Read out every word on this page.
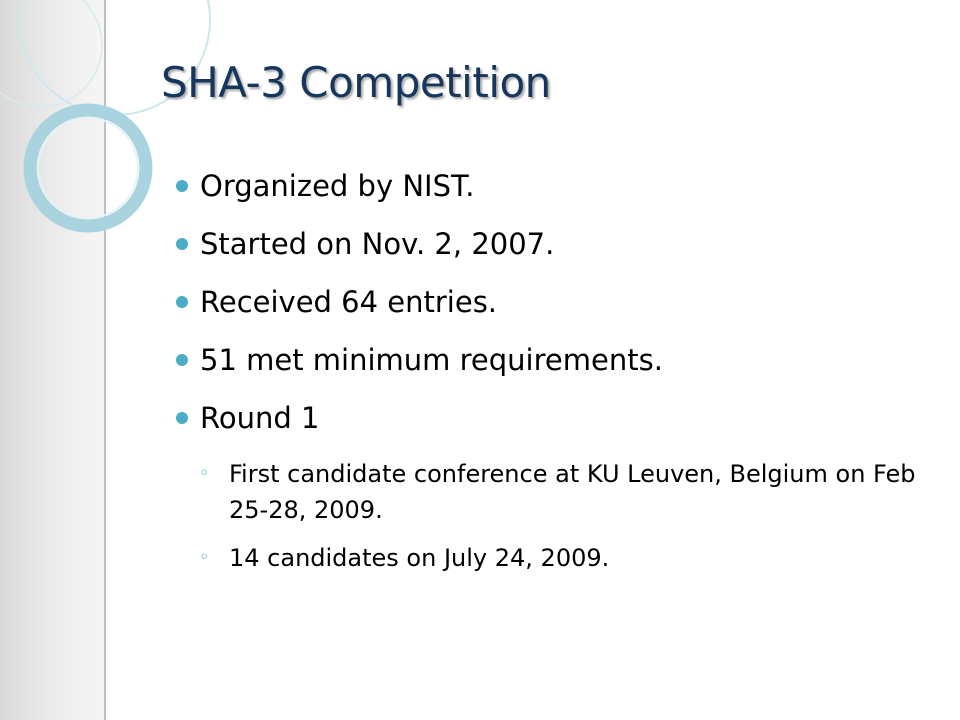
SHA-3 Competition
Organized by NIST.
Started on Nov. 2, 2007.
Received 64 entries.
51 met minimum requirements.
Round 1
◦ First candidate conference at KU Leuven, Belgium on Feb 25-28, 2009.
◦ 14 candidates on July 24, 2009.
